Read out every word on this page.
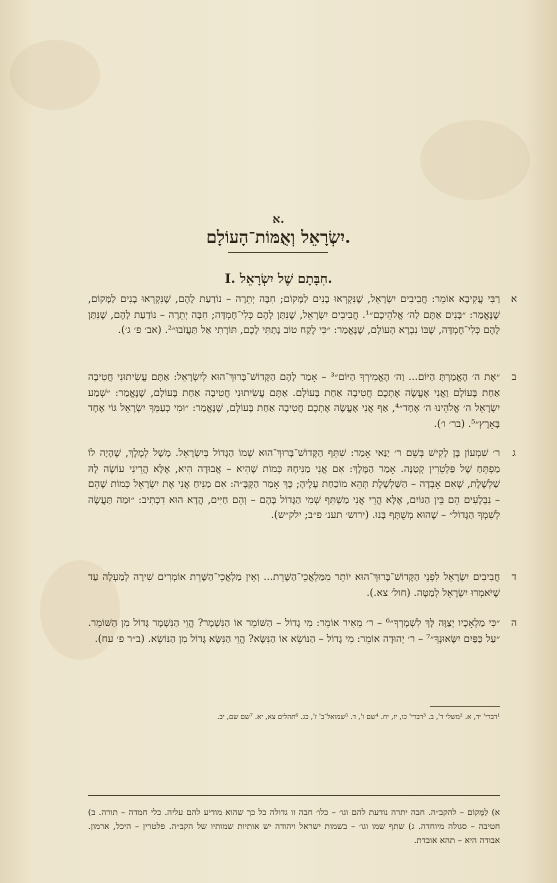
א.
יִשְׂרָאֵל וְאֻמּוֹת־הָעוֹלָם.
I. חִבָּתָם שֶׁל יִשְׂרָאֵל.
א
רַבִּי עֲקִיבָא אוֹמֵר: חֲבִיבִים יִשְׂרָאֵל, שֶׁנִּקְרְאוּ בָנִים לַמָּקוֹם; חִבָּה יְתֵרָה – נוֹדַעַת לָהֶם, שֶׁנִּקְרְאוּ בָנִים לַמָּקוֹם, שֶׁנֶּאֱמַר: ״בָּנִים אַתֶּם לַה׳ אֱלֹהֵיכֶם״¹. חֲבִיבִים יִשְׂרָאֵל, שֶׁנִּתַּן לָהֶם כְּלִי־חֶמְדָּה; חִבָּה יְתֵרָה – נוֹדַעַת לָהֶם, שֶׁנִּתַּן לָהֶם כְּלִי־חֶמְדָּה, שֶׁבּוֹ נִבְרָא הָעוֹלָם, שֶׁנֶּאֱמַר: ״כִּי לֶקַח טוֹב נָתַתִּי לָכֶם, תּוֹרָתִי אַל תַּעֲזֹבוּ״². (אב׳ פ׳ ג׳).
ב
״אֶת ה׳ הֶאֱמַרְתָּ הַיּוֹם... וַה׳ הֶאֱמִירְךָ הַיּוֹם״³ – אָמַר לָהֶם הַקָּדוֹשׁ־בָּרוּךְ־הוּא לְיִשְׂרָאֵל: אַתֶּם עֲשִׂיתוּנִי חֲטִיבָה אַחַת בָּעוֹלָם וַאֲנִי אֶעֱשֶׂה אֶתְכֶם חֲטִיבָה אַחַת בָּעוֹלָם. אַתֶּם עֲשִׂיתוּנִי חֲטִיבָה אַחַת בָּעוֹלָם, שֶׁנֶּאֱמַר: ״שְׁמַע יִשְׂרָאֵל ה׳ אֱלֹהֵינוּ ה׳ אֶחָד״⁴, אַף אֲנִי אֶעֱשֶׂה אֶתְכֶם חֲטִיבָה אַחַת בָּעוֹלָם, שֶׁנֶּאֱמַר: ״וּמִי כְעַמְּךָ יִשְׂרָאֵל גּוֹי אֶחָד בָּאָרֶץ״⁵. (בר׳ ו׳).
ג
ר׳ שִׁמְעוֹן בֶּן לָקִישׁ בְּשֵׁם ר׳ יַנַּאי אָמַר: שִׁתֵּף הַקָּדוֹשׁ־בָּרוּךְ־הוּא שְׁמוֹ הַגָּדוֹל בְּיִשְׂרָאֵל. מָשָׁל לְמֶלֶךְ, שֶׁהָיָה לוֹ מַפְתֵּחַ שֶׁל פַּלְטֵרִין קְטַנָּה. אָמַר הַמֶּלֶךְ: אִם אֲנִי מַנִּיחָהּ כְּמוֹת שֶׁהִיא – אֲבוּדָה הִיא, אֶלָּא הֲרֵינִי עוֹשֶׂה לָהּ שַׁלְשֶׁלֶת, שֶׁאִם אָבְדָה – הַשַּׁלְשֶׁלֶת תְּהֵא מוֹכַחַת עָלֶיהָ; כָּךְ אָמַר הַקָּבָּ״ה: אִם מַנִּיחַ אֲנִי אֶת יִשְׂרָאֵל כְּמוֹת שֶׁהֵם – נִבְלָעִים הֵם בֵּין הַגּוֹיִם, אֶלָּא הֲרֵי אֲנִי מַשְׁתִּף שְׁמִי הַגָּדוֹל בָּהֶם – וְהֵם חַיִּים, הֲדָא הוּא דִכְתִיב: ״וּמַה תַּעֲשֶׂה לְשִׁמְךָ הַגָּדוֹל״ – שֶׁהוּא מְשֻׁתָּף בָּנוּ. (ירוש׳ תענ׳ פ״ב; ילק״ש).
ד
חֲבִיבִים יִשְׂרָאֵל לִפְנֵי הַקָּדוֹשׁ־בָּרוּךְ־הוּא יוֹתֵר מִמַּלְאֲכֵי־הַשָּׁרֵת... וְאֵין מַלְאֲכֵי־הַשָּׁרֵת אוֹמְרִים שִׁירָה לְמַעְלָה עַד שֶׁיֹּאמְרוּ יִשְׂרָאֵל לְמַטָּה. (חול׳ צא.).
ה
״כִּי מַלְאָכָיו יְצַוֶּה לָּךְ לִשְׁמָרְךָ״⁶ – ר׳ מֵאִיר אוֹמֵר: מִי גָדוֹל – הַשּׁוֹמֵר אוֹ הַנִּשְׁמָר? הֱוֵי הַנִּשְׁמָר גָּדוֹל מִן הַשּׁוֹמֵר. ״עַל כַּפַּיִם יִשָּׂאוּנְךָ״⁷ – ר׳ יְהוּדָה אוֹמֵר: מִי גָדוֹל – הַנּוֹשֵׂא אוֹ הַנִּשָּׂא? הֱוֵי הַנִּשָּׂא גָּדוֹל מִן הַנּוֹשֵׂא. (ב״ר פ׳ עח).
¹דברי' יד, א. ²משלי ד', ב. ³דברי' כו, יז, יח. ⁴שם ו', ד. ⁵שמואל־ב' ז', כג. ⁶תהלים צא, יא. ⁷שם שם, יב.
א) לַמָּקוֹם – להקב״ה. חבה יתרה נודעת להם וגו׳ – כלו׳ חבה זו גדולה כל כך שהוא מודיע להם עליה. כלי חמדה – תורה. ב) חטיבה – סגולה מיוחדה. ג) שתף שמו וגו׳ – בשמות ישראל ויהודה יש אותיות שמותיו של הקב״ה. פלטרין – היכל, ארמון. אבודה היא – תהא אובדת.
